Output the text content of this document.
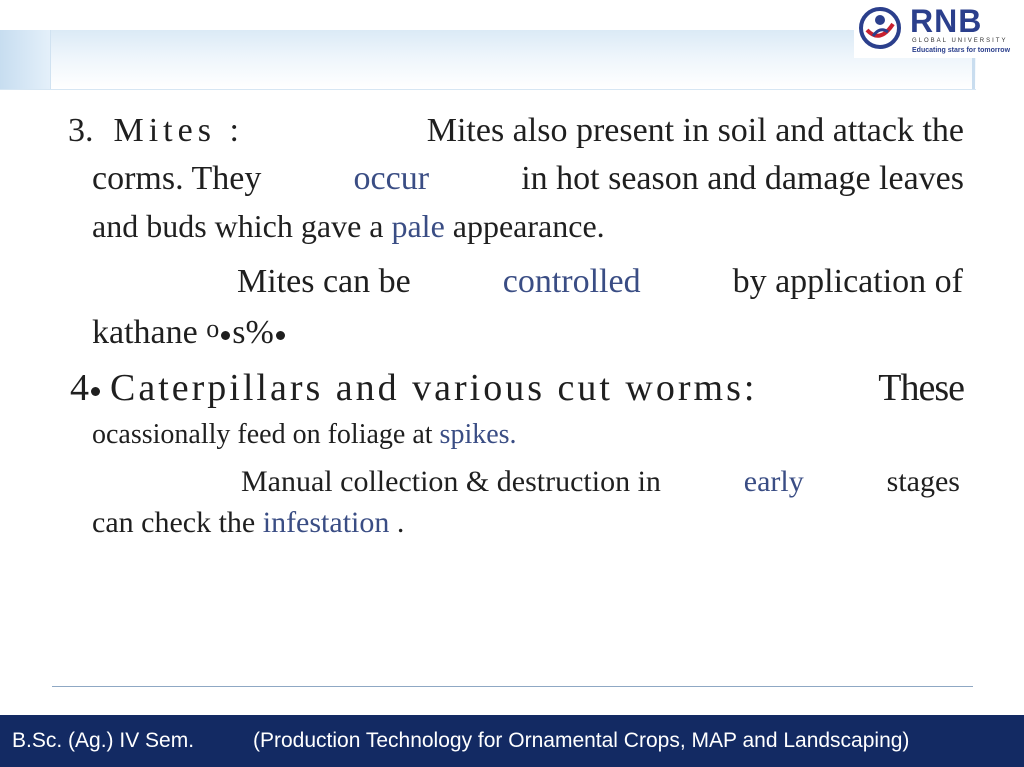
RNB
GLOBAL UNIVERSITY
Educating stars for tomorrow
3. Mites :	Mites also present in soil and attack the
corms. They	occur	in hot season and damage leaves
and buds which gave a pale appearance.
Mites can be	controlled	by application of
kathane o s%
4 Caterpillars and various cut worms:	These
ocassionally feed on foliage at spikes.
Manual collection & destruction in	early	stages
can check the infestation .
B.Sc. (Ag.) IV Sem.	(Production Technology for Ornamental Crops, MAP and Landscaping)
